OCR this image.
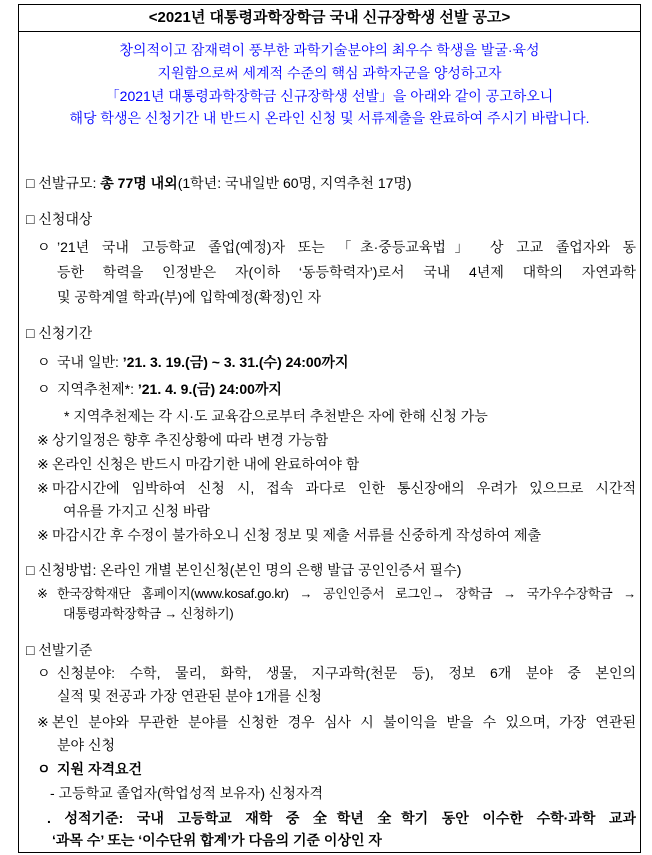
<2021년 대통령과학장학금 국내 신규장학생 선발 공고>
창의적이고 잠재력이 풍부한 과학기술분야의 최우수 학생을 발굴·육성
지원함으로써 세계적 수준의 핵심 과학자군을 양성하고자
「2021년 대통령과학장학금 신규장학생 선발」을 아래와 같이 공고하오니
해당 학생은 신청기간 내 반드시 온라인 신청 및 서류제출을 완료하여 주시기 바랍니다.
□ 선발규모: 총 77명 내외(1학년: 국내일반 60명, 지역추천 17명)
□ 신청대상
ㅇ ’21년 국내 고등학교 졸업(예정)자 또는 「초·중등교육법」 상 고교 졸업자와 동
등한 학력을 인정받은 자(이하 ‘동등학력자’)로서 국내 4년제 대학의 자연과학
및 공학계열 학과(부)에 입학예정(확정)인 자
□ 신청기간
ㅇ 국내 일반: ’21. 3. 19.(금) ~ 3. 31.(수) 24:00까지
ㅇ 지역추천제*: ’21. 4. 9.(금) 24:00까지
* 지역추천제는 각 시·도 교육감으로부터 추천받은 자에 한해 신청 가능
※ 상기일정은 향후 추진상황에 따라 변경 가능함
※ 온라인 신청은 반드시 마감기한 내에 완료하여야 함
※ 마감시간에 임박하여 신청 시, 접속 과다로 인한 통신장애의 우려가 있으므로 시간적
여유를 가지고 신청 바람
※ 마감시간 후 수정이 불가하오니 신청 정보 및 제출 서류를 신중하게 작성하여 제출
□ 신청방법: 온라인 개별 본인신청(본인 명의 은행 발급 공인인증서 필수)
※ 한국장학재단 홈페이지(www.kosaf.go.kr) → 공인인증서 로그인→ 장학금 → 국가우수장학금 →
대통령과학장학금 → 신청하기)
□ 선발기준
ㅇ 신청분야: 수학, 물리, 화학, 생물, 지구과학(천문 등), 정보 6개 분야 중 본인의
실적 및 전공과 가장 연관된 분야 1개를 신청
※ 본인 분야와 무관한 분야를 신청한 경우 심사 시 불이익을 받을 수 있으며, 가장 연관된
분야 신청
ㅇ 지원 자격요건
- 고등학교 졸업자(학업성적 보유자) 신청자격
. 성적기준: 국내 고등학교 재학 중 全학년 全학기 동안 이수한 수학·과학 교과
‘과목 수’ 또는 ‘이수단위 합계’가 다음의 기준 이상인 자
